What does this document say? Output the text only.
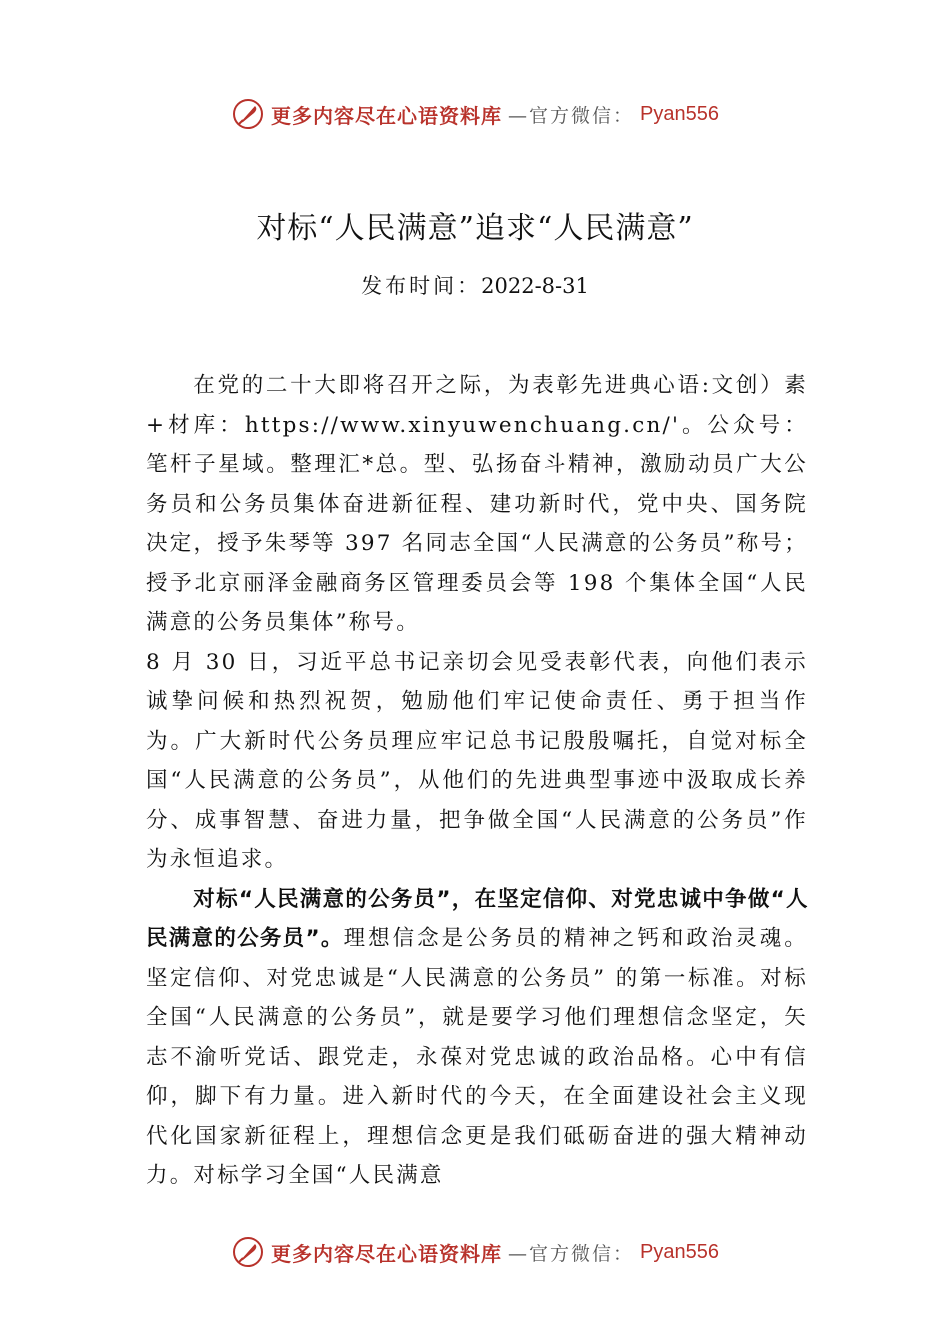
更多内容尽在心语资料库 —官方微信： Pyan556
对标“人民满意”追求“人民满意”
发布时间：2022-8-31

在党的二十大即将召开之际，为表彰先进典心语:文创）素+材库：https://www.xinyuwenchuang.cn/'。公众号：笔杆子星域。整理汇*总。型、弘扬奋斗精神，激励动员广大公务员和公务员集体奋进新征程、建功新时代，党中央、国务院决定，授予朱琴等 397 名同志全国“人民满意的公务员”称号；授予北京丽泽金融商务区管理委员会等 198 个集体全国“人民满意的公务员集体”称号。

8 月 30 日，习近平总书记亲切会见受表彰代表，向他们表示诚挚问候和热烈祝贺，勉励他们牢记使命责任、勇于担当作为。广大新时代公务员理应牢记总书记殷殷嘱托，自觉对标全国“人民满意的公务员”，从他们的先进典型事迹中汲取成长养分、成事智慧、奋进力量，把争做全国“人民满意的公务员”作为永恒追求。

对标“人民满意的公务员”，在坚定信仰、对党忠诚中争做“人民满意的公务员”。理想信念是公务员的精神之钙和政治灵魂。坚定信仰、对党忠诚是“人民满意的公务员” 的第一标准。对标全国“人民满意的公务员”，就是要学习他们理想信念坚定，矢志不渝听党话、跟党走，永葆对党忠诚的政治品格。心中有信仰，脚下有力量。进入新时代的今天，在全面建设社会主义现代化国家新征程上，理想信念更是我们砥砺奋进的强大精神动力。对标学习全国“人民满意

更多内容尽在心语资料库 —官方微信： Pyan556
